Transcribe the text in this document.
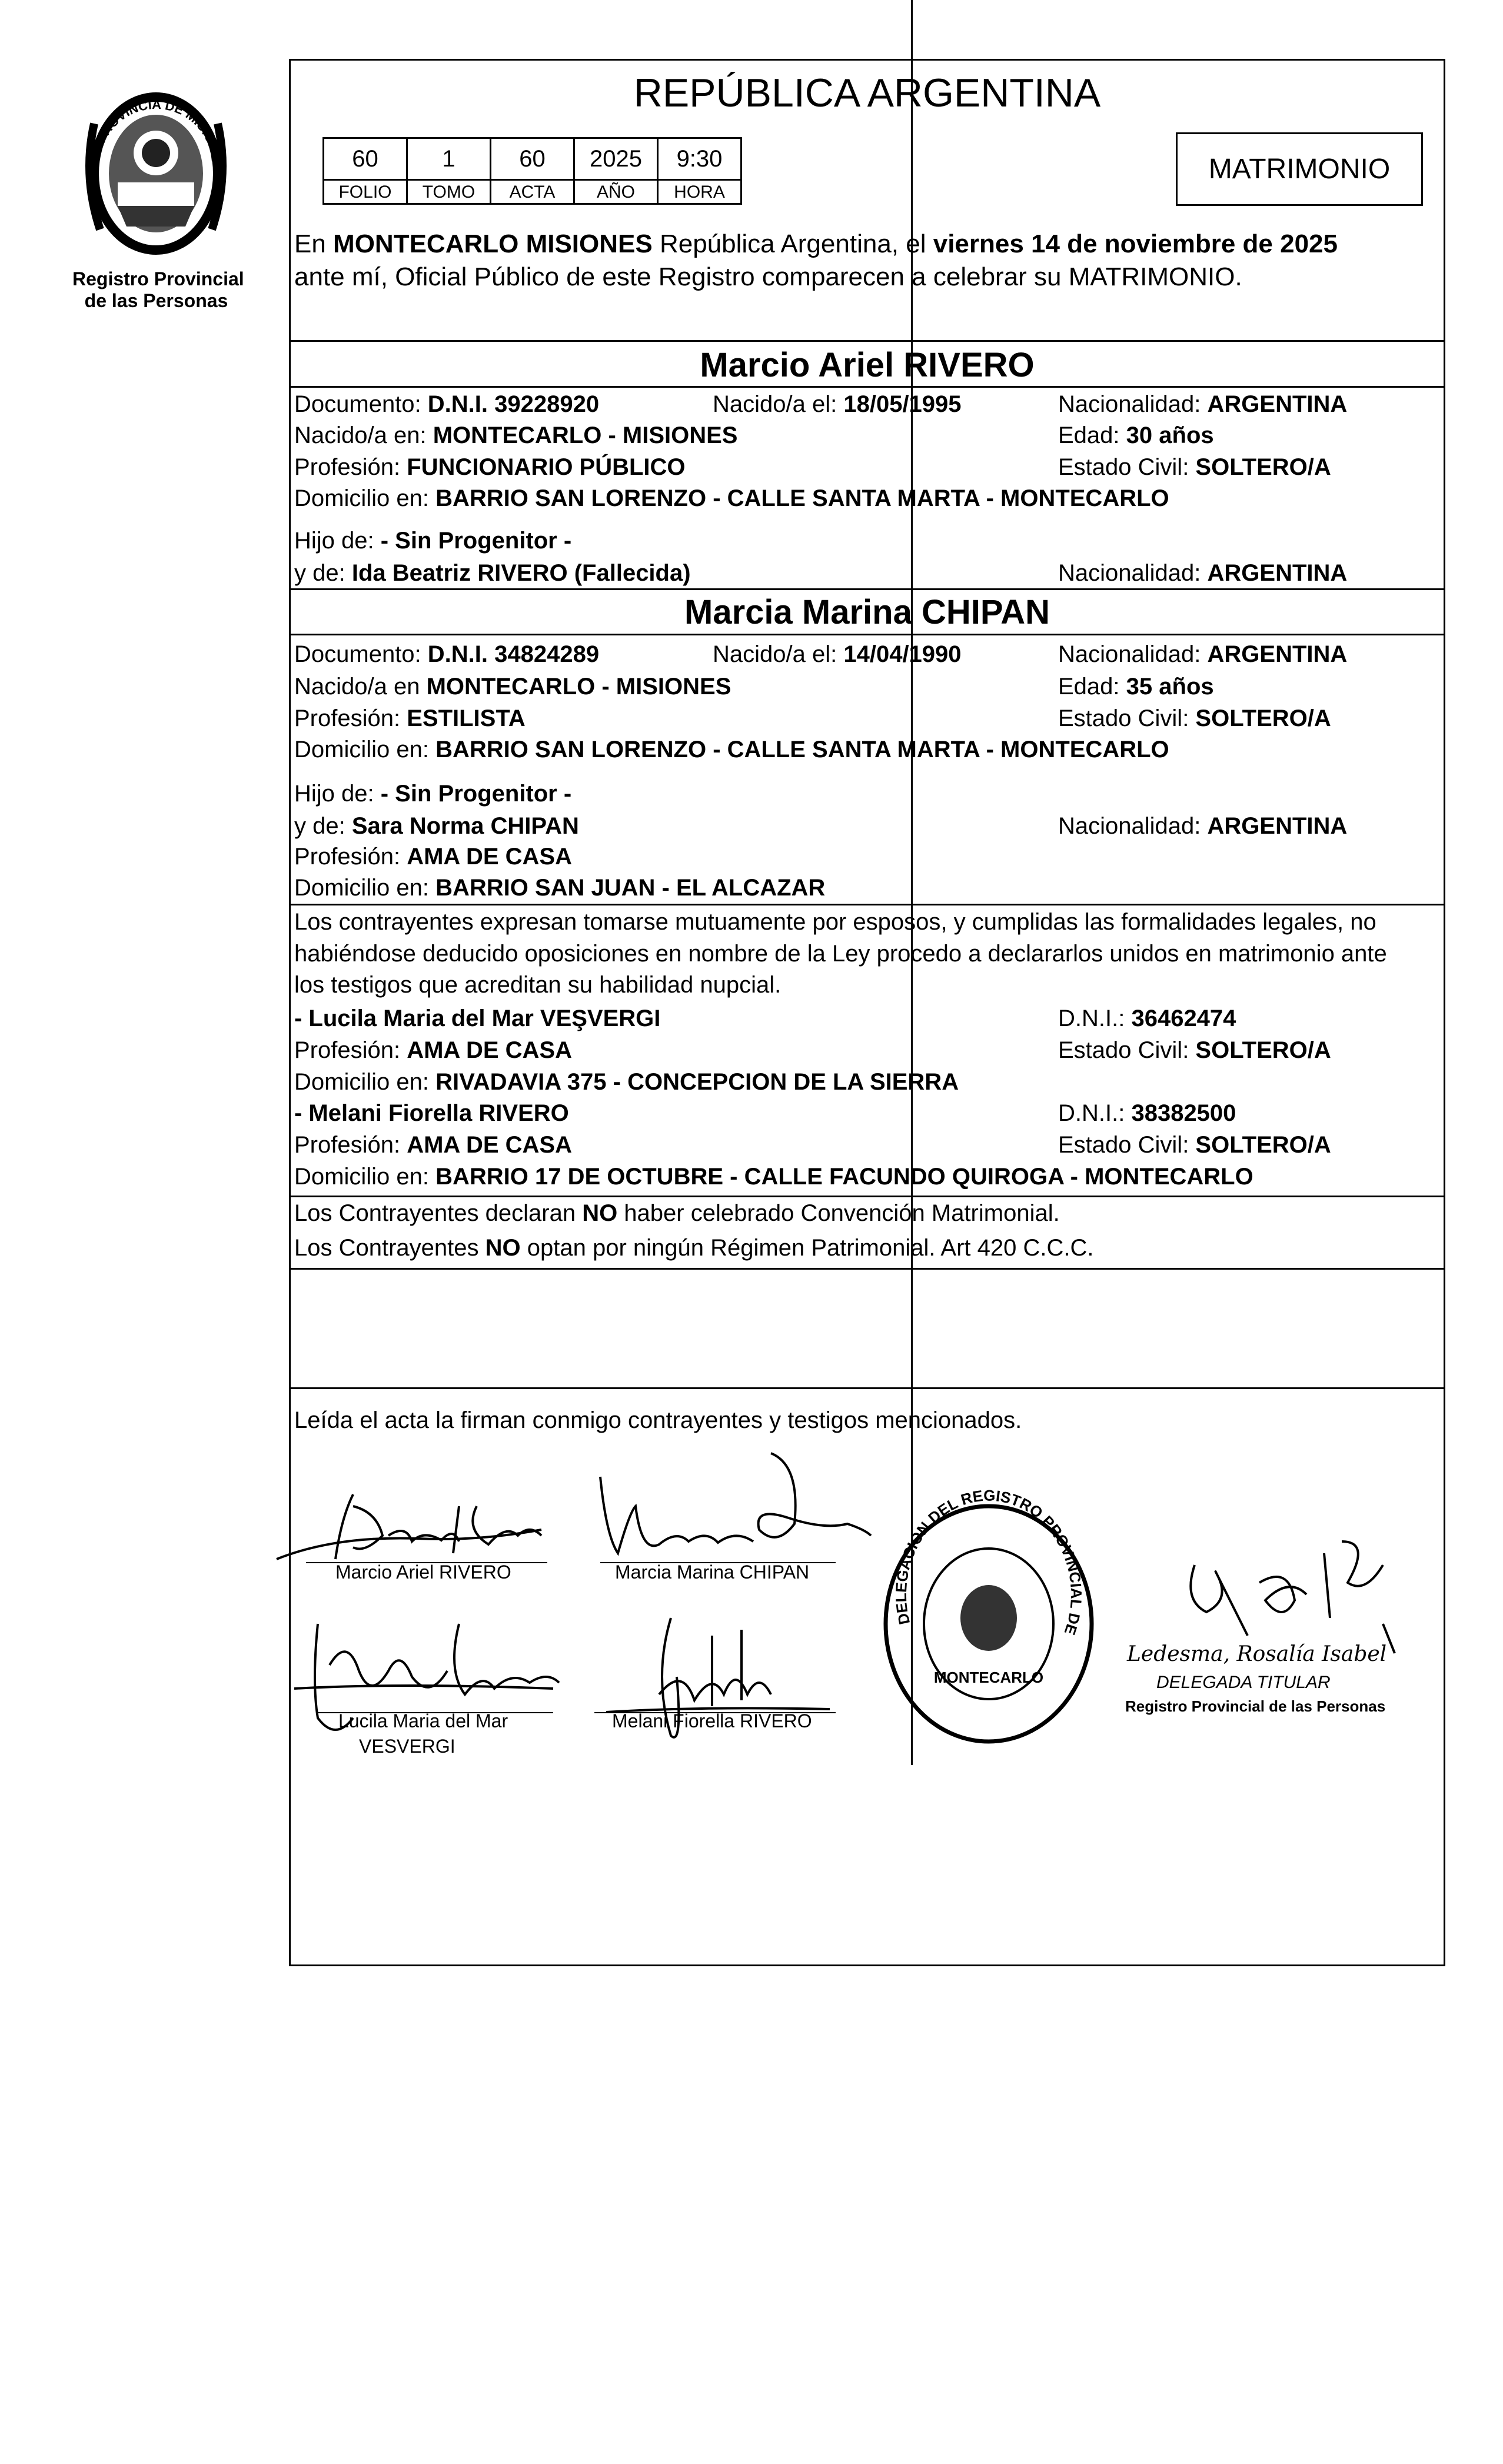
PROVINCIA DE MISIONE
Registro Provincial
de las Personas
REPÚBLICA ARGENTINA
60	1	60	2025	9:30
FOLIO	TOMO	ACTA	AÑO	HORA
MATRIMONIO
En MONTECARLO MISIONES República Argentina, el viernes 14 de noviembre de 2025
ante mí, Oficial Público de este Registro comparecen a celebrar su MATRIMONIO.
Marcio Ariel RIVERO
Documento: D.N.I. 39228920	Nacido/a el: 18/05/1995	Nacionalidad: ARGENTINA
Nacido/a en: MONTECARLO - MISIONES	Edad: 30 años
Profesión: FUNCIONARIO PÚBLICO	Estado Civil: SOLTERO/A
Domicilio en: BARRIO SAN LORENZO - CALLE SANTA MARTA - MONTECARLO
Hijo de: - Sin Progenitor -
y de: Ida Beatriz RIVERO (Fallecida)	Nacionalidad: ARGENTINA
Marcia Marina CHIPAN
Documento: D.N.I. 34824289	Nacido/a el: 14/04/1990	Nacionalidad: ARGENTINA
Nacido/a en MONTECARLO - MISIONES	Edad: 35 años
Profesión: ESTILISTA	Estado Civil: SOLTERO/A
Domicilio en: BARRIO SAN LORENZO - CALLE SANTA MARTA - MONTECARLO
Hijo de: - Sin Progenitor -
y de: Sara Norma CHIPAN	Nacionalidad: ARGENTINA
Profesión: AMA DE CASA
Domicilio en: BARRIO SAN JUAN - EL ALCAZAR
Los contrayentes expresan tomarse mutuamente por esposos, y cumplidas las formalidades legales, no
habiéndose deducido oposiciones en nombre de la Ley procedo a declararlos unidos en matrimonio ante
los testigos que acreditan su habilidad nupcial.
- Lucila Maria del Mar VEŞVERGI	D.N.I.: 36462474
Profesión: AMA DE CASA	Estado Civil: SOLTERO/A
Domicilio en: RIVADAVIA 375 - CONCEPCION DE LA SIERRA
- Melani Fiorella RIVERO	D.N.I.: 38382500
Profesión: AMA DE CASA	Estado Civil: SOLTERO/A
Domicilio en: BARRIO 17 DE OCTUBRE - CALLE FACUNDO QUIROGA - MONTECARLO
Los Contrayentes declaran NO haber celebrado Convención Matrimonial.
Los Contrayentes NO optan por ningún Régimen Patrimonial. Art 420 C.C.C.
Leída el acta la firman conmigo contrayentes y testigos mencionados.
Marcio Ariel RIVERO	Marcia Marina CHIPAN
Lucila Maria del Mar
VESVERGI
Melani Fiorella RIVERO
DELEGACION DEL REGISTRO PROVINCIAL DE LAS PERSONAS
MONTECARLO
Ledesma, Rosalía Isabel
DELEGADA TITULAR
Registro Provincial de las Personas
